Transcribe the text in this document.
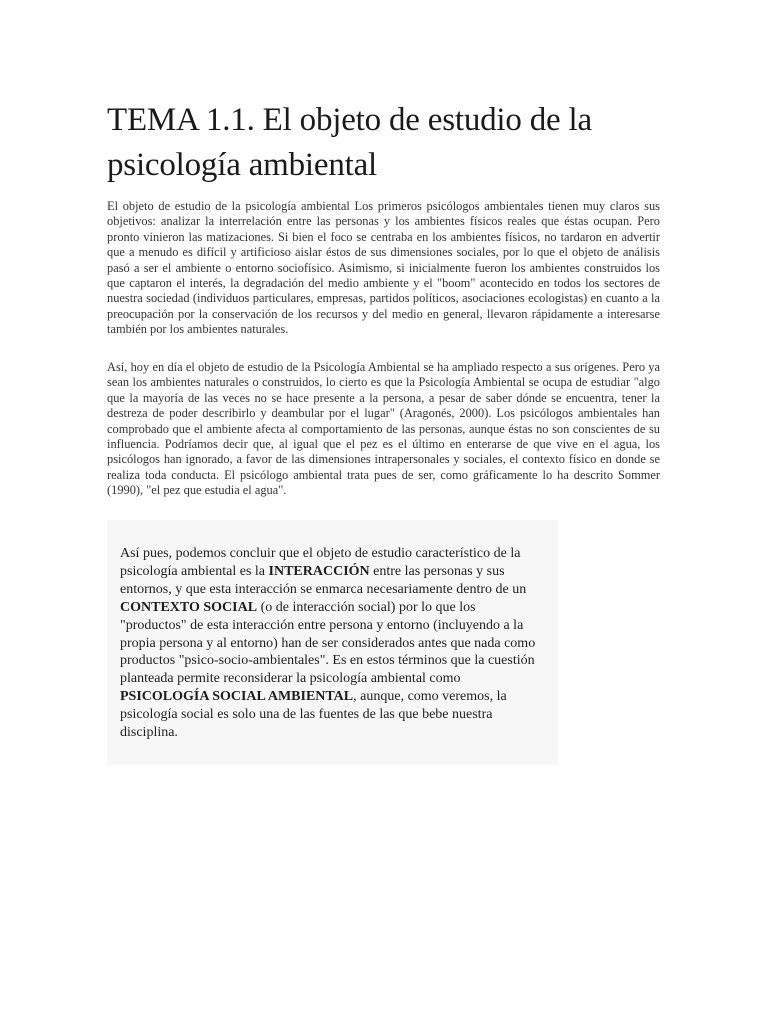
TEMA 1.1. El objeto de estudio de la psicología ambiental

El objeto de estudio de la psicología ambiental Los primeros psicólogos ambientales tienen muy claros sus objetivos: analizar la interrelación entre las personas y los ambientes físicos reales que éstas ocupan. Pero pronto vinieron las matizaciones. Si bien el foco se centraba en los ambientes físicos, no tardaron en advertir que a menudo es difícil y artificioso aislar éstos de sus dimensiones sociales, por lo que el objeto de análisis pasó a ser el ambiente o entorno sociofísico. Asimismo, si inicialmente fueron los ambientes construidos los que captaron el interés, la degradación del medio ambiente y el "boom" acontecido en todos los sectores de nuestra sociedad (individuos particulares, empresas, partidos políticos, asociaciones ecologistas) en cuanto a la preocupación por la conservación de los recursos y del medio en general, llevaron rápidamente a interesarse también por los ambientes naturales.

Así, hoy en día el objeto de estudio de la Psicología Ambiental se ha ampliado respecto a sus orígenes. Pero ya sean los ambientes naturales o construidos, lo cierto es que la Psicología Ambiental se ocupa de estudiar "algo que la mayoría de las veces no se hace presente a la persona, a pesar de saber dónde se encuentra, tener la destreza de poder describirlo y deambular por el lugar" (Aragonés, 2000). Los psicólogos ambientales han comprobado que el ambiente afecta al comportamiento de las personas, aunque éstas no son conscientes de su influencia. Podríamos decir que, al igual que el pez es el último en enterarse de que vive en el agua, los psicólogos han ignorado, a favor de las dimensiones intrapersonales y sociales, el contexto físico en donde se realiza toda conducta. El psicólogo ambiental trata pues de ser, como gráficamente lo ha descrito Sommer (1990), "el pez que estudia el agua".

Así pues, podemos concluir que el objeto de estudio característico de la psicología ambiental es la INTERACCIÓN entre las personas y sus entornos, y que esta interacción se enmarca necesariamente dentro de un CONTEXTO SOCIAL (o de interacción social) por lo que los "productos" de esta interacción entre persona y entorno (incluyendo a la propia persona y al entorno) han de ser considerados antes que nada como productos "psico-socio-ambientales". Es en estos términos que la cuestión planteada permite reconsiderar la psicología ambiental como PSICOLOGÍA SOCIAL AMBIENTAL, aunque, como veremos, la psicología social es solo una de las fuentes de las que bebe nuestra disciplina.
